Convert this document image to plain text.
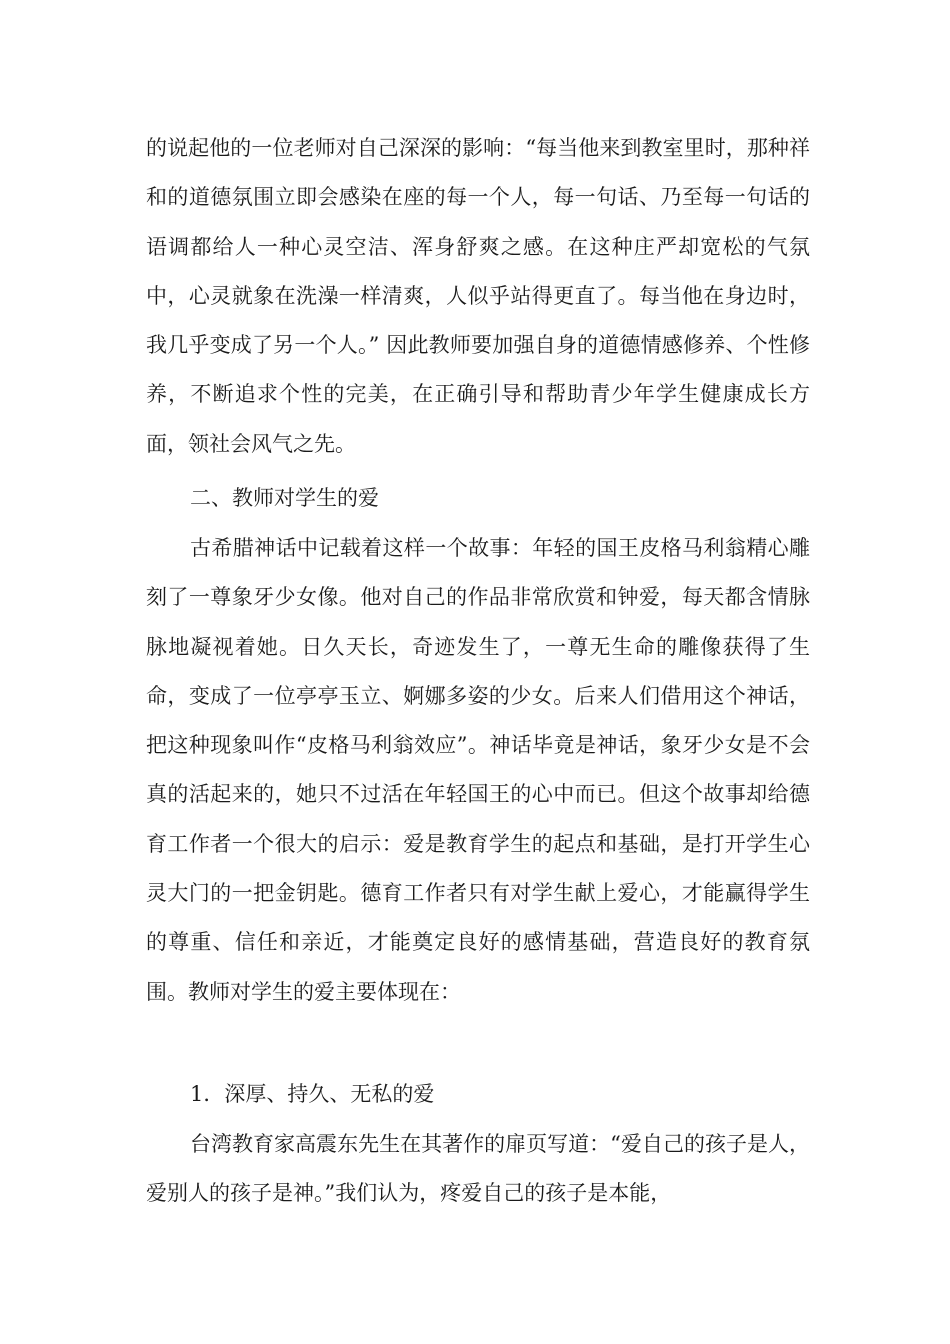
的说起他的一位老师对自己深深的影响：“每当他来到教室里时，那种祥和的道德氛围立即会感染在座的每一个人，每一句话、乃至每一句话的语调都给人一种心灵空洁、浑身舒爽之感。在这种庄严却宽松的气氛中，心灵就象在洗澡一样清爽，人似乎站得更直了。每当他在身边时，我几乎变成了另一个人。” 因此教师要加强自身的道德情感修养、个性修养，不断追求个性的完美，在正确引导和帮助青少年学生健康成长方面，领社会风气之先。

二、教师对学生的爱

古希腊神话中记载着这样一个故事：年轻的国王皮格马利翁精心雕刻了一尊象牙少女像。他对自己的作品非常欣赏和钟爱，每天都含情脉脉地凝视着她。日久天长，奇迹发生了，一尊无生命的雕像获得了生命，变成了一位亭亭玉立、婀娜多姿的少女。后来人们借用这个神话，把这种现象叫作“皮格马利翁效应”。神话毕竟是神话，象牙少女是不会真的活起来的，她只不过活在年轻国王的心中而已。但这个故事却给德育工作者一个很大的启示：爱是教育学生的起点和基础，是打开学生心灵大门的一把金钥匙。德育工作者只有对学生献上爱心，才能赢得学生的尊重、信任和亲近，才能奠定良好的感情基础，营造良好的教育氛围。教师对学生的爱主要体现在：

1．深厚、持久、无私的爱

台湾教育家高震东先生在其著作的扉页写道：“爱自己的孩子是人，爱别人的孩子是神。”我们认为，疼爱自己的孩子是本能，
